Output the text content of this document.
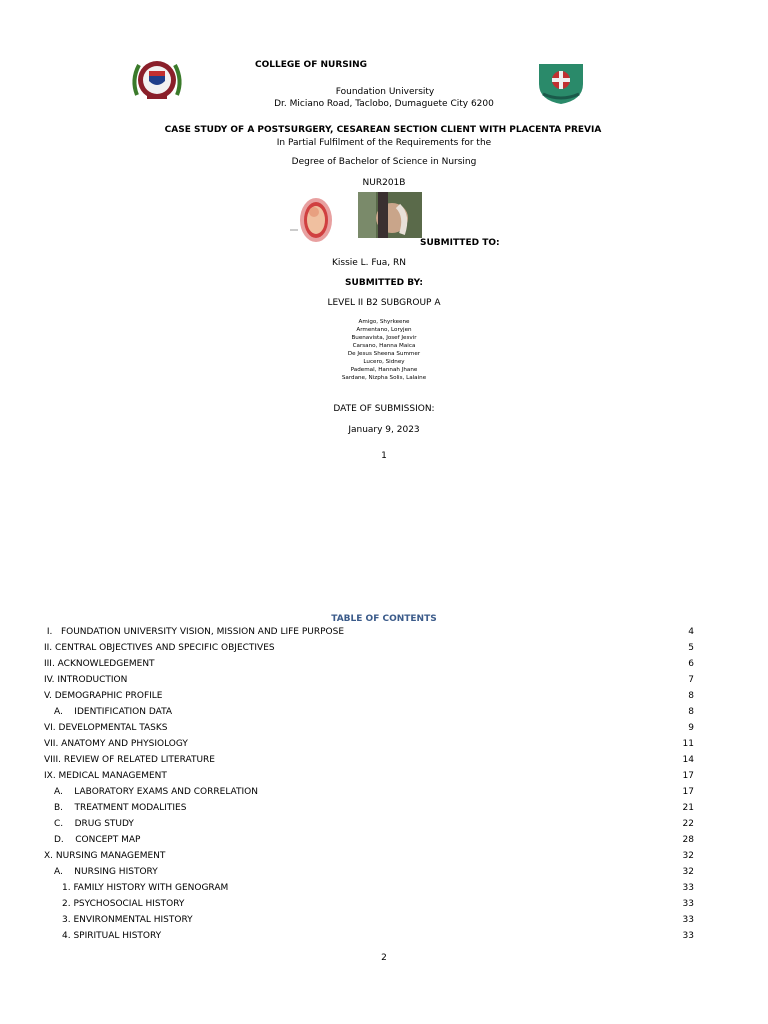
COLLEGE OF NURSING
Foundation University
Dr. Miciano Road, Taclobo, Dumaguete City 6200
CASE STUDY OF A POSTSURGERY, CESAREAN SECTION CLIENT WITH PLACENTA PREVIA
In Partial Fulfilment of the Requirements for the
Degree of Bachelor of Science in Nursing
NUR201B
SUBMITTED TO:
Kissie L. Fua, RN
SUBMITTED BY:
LEVEL II B2 SUBGROUP A
Amigo, Shyrkeene
Armentano, Loryjen
Buenavista, Josef Jesvir
Carsano, Hanna Maica
De Jesus Sheena Summer
Lucero, Sidney
Pademal, Hannah Jhane
Sardane, Nizpha Solis, Lalaine
DATE OF SUBMISSION:
January 9, 2023
1
TABLE OF CONTENTS
I.   FOUNDATION UNIVERSITY VISION, MISSION AND LIFE PURPOSE	4
II. CENTRAL OBJECTIVES AND SPECIFIC OBJECTIVES	5
III. ACKNOWLEDGEMENT	6
IV. INTRODUCTION	7
V. DEMOGRAPHIC PROFILE	8
A.    IDENTIFICATION DATA	8
VI. DEVELOPMENTAL TASKS	9
VII. ANATOMY AND PHYSIOLOGY	11
VIII. REVIEW OF RELATED LITERATURE	14
IX. MEDICAL MANAGEMENT	17
A.    LABORATORY EXAMS AND CORRELATION	17
B.    TREATMENT MODALITIES	21
C.    DRUG STUDY	22
D.    CONCEPT MAP	28
X. NURSING MANAGEMENT	32
A.    NURSING HISTORY	32
1. FAMILY HISTORY WITH GENOGRAM	33
2. PSYCHOSOCIAL HISTORY	33
3. ENVIRONMENTAL HISTORY	33
4. SPIRITUAL HISTORY	33
2
